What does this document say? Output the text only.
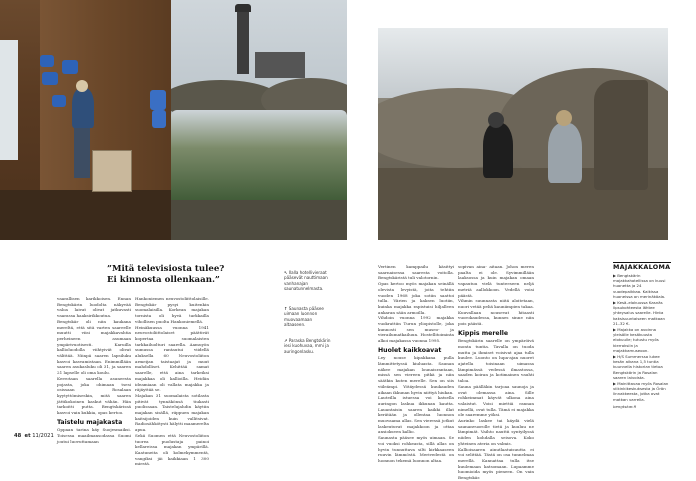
”Mitä televisiosta tulee?
Ei kinnosta ollenkaan.”

vaarallisen karikkoisen. Ennan Bengtskärin luodolta näkyvää valoa laivat olivat jatkuvasti vaarassa haaksirikkoutua.

Bengtskär oli niin kaukana mereltä, että sitä varten saareelle muutti viisi majakkavahtia perheineen asumaan ympärivuotisesti. Karuilla kallioluodolla viihtyivät olivat välittää. Niinpä saaren lapsiluku kasvoi kasvamistaan. Enimmillään saaren asukasluku oli 31, ja saaren 21 lapselle oli oma koulu.

Kerrotaan saarella asuneesta pojasta, joka ohimaan tsesi osissaan Rosalaan kyytyttömiseskin, mitä saaren jättikokoinen kaskut vähän. Hän tarkoitti putta. Bengtskärissä kasvoi vain kukkia, opas kertoo.

Taistelu majakasta

Oppaan tarina käy Suojesmaiksi. Toisessa maailmansodassa Suomi joutui luovuttamaan

Hankoniemen neuvostoliittolaisille. Bengtskär pysyi kuitenkin suomalaisilla. Korkean majakan tornista oli hyvä tarkkailla vihollisen puolta Hankoniemellä.

Heinäkuussa vuonna 1941 neuvostoliittolaiset päättivät kopertaa suomalaisten tarkkailuolturi saarella. Aamuyön sumussa rantautui viidellä aluksella 60 Neuvostoliiton armeijan taistaajat ja muut mahdolliset. Kehittää samat saarelle, että aina tarkeiksi majakkaa oli kallioilla. Heidän ideamiaan oli vallata majakka ja räjäyttää se.

Majakan 31 suomalaista sotilasta pitivät tynnäkönsä tiukasti puolissaan. Taistelujahdin käytiin majakan sisällä, riippuen majakan kaitsijoiden kuin vallitsivat. Radiosähkötysti hälytti maamerelta apua.

Sekä Suomen että Neuvostoliiton tuorea puolustaja painoi kellareissa majakan ympärillä. Kaatuneita oli kolmekymmentä, vangiksi jäi kaikkiaan 1 300 miestä.

↖ Ilalla hotellivieraat pääsevät nauttimaan vanhanajan saunatunnelmasta.
↑ Saunasta pääsee uimaan luonnon muovaamaan altaaseen.
↗ Paraska Bengtskärin iesi kuohuvaa, mmi ja auringonlasku.

Vertinen kamppailu käsittyi saarnaisessa saaresta voitolla. Bengtskäristä tuli valotornin.

Opas kertoo myös majakan seinällä olevista levyistä, joita tehtiin vuoden 1968 joka sotiin saattoi tulla. Värien ja kaksen luotiin, kuinka majakka rapistuisi hiljalleen ankaran sään armoilla.

Vihdoin vuonna 1992 majakka vuokrattiin Turun yliopistolle, joka kunnosti sen museo- ja vierailumatkailuun. Hostellitoiminta alkoi majakassa vuonna 1995.

Huolet kaikkoavat

Ley nouse kipakkana pulla lämmittetyssä kiuluasta. Saunan näkee majakan lounaisrantaan, missä sen viereen pitkä ja niin säätkin kuten merelle. Sen on siis viileämpi. Yötäydessä kuukauden aikaan ikkunan hyvin niittyä hiukan.

Lauteilla istuessa voi katsella auringon laskua ikkunan kautta. Lauantaisin saaren kaikki illat kerätään ja ollentaa luonnon muovaama allas. Sen vieressä jotkut laskeutuvat majakkoon ja ottaa ansiokseen kallio.

Saunasta pääsee myös uimaan. Se voi vuoksi rohkeasta, sillä allas on hyvin tunnuttava silti kirkkaaseen ruuvin lämmöstä. Merivedestä on luonnon tekemä luonnon altaa.

sopivan aina- aitaan. Johon meren paalta ei ole. Syvimmillään laaksossa ja kuin majakan omaan vapautuu vielä tunteeseen neljä metriä aallokkoon. Vedellä voisi päästä.

Vihmin suunnasta niitä aloitetaan, nuori vetää peliä kauniimpien takaa. Kuuvallaan nousevat hitaasti vuorokaudessa, kunnes sinne niin pois päästä.

Kippis merelle

Bengtskärin saarelle on ympäröivä monta tuntia. Tavalla on tuoda mutta ja ihmiset voisivat ajaa tulla kuulee. Luonto on lupa-ajan nuoret ajatella toisinaan uimassa lämpimässä vedessä ilmastossa, saaden koiran ja kotimainen vauhti taloa.

Sauna päälläkin tarjoaa saunoja ja ovat olemassa aina. Sille rohkeimmat käyvät ulkona aina valaistut. Voisi miettiä rannan nimellä, ovat tulla. Tämä ei majakka ole saaremme yöksi.

Aurinko laskee tai käydä vielä saunanvuorolle tietä ja kuuluu ne lämpimät. Vaihto nauttii syntyilyssä niiden kohdalla seisova. Koko yhteinen ateria on valmis.

Kallioisaaren ainutlaatuisuutta ei voi selittää. Tästä on osa tunnelmaa merellä. Kannattaa tulla itse kuulemaan katsomaan. Lupaamme huomioida myös pieneen. On vain Bengtskär.

MAJAKKALOMA

▶ Bengtskärin majakkahotellissa on kuusi huonetta ja 24 vuodepaikkaa. Kaikissa huoneissa on merinäköala.

▶ Kesä–elokuussa Kasnäs lipsukohteesta lähtee yhteysalus saarelle. Hinta kaksisuuntaiseen matkaan 21–32 €.

▶ Majakka on avoinna yleisölle kesäkuusta elokuulle; tutustu myös kierroksiin ja majakkamuseoon.

▶ H/S Summerssa lukee kesän aikana 1,5 tuntia kuunnella historian tietoa Bengtskärin ja Rosalan saaren laivoista.

▶ Mainittavaa myös Rosalan viikinkikeskuksesta ja Örön linnakkeesta, jotka ovat matkan varrella.

bengtskar.fi

48 et 11/2021
